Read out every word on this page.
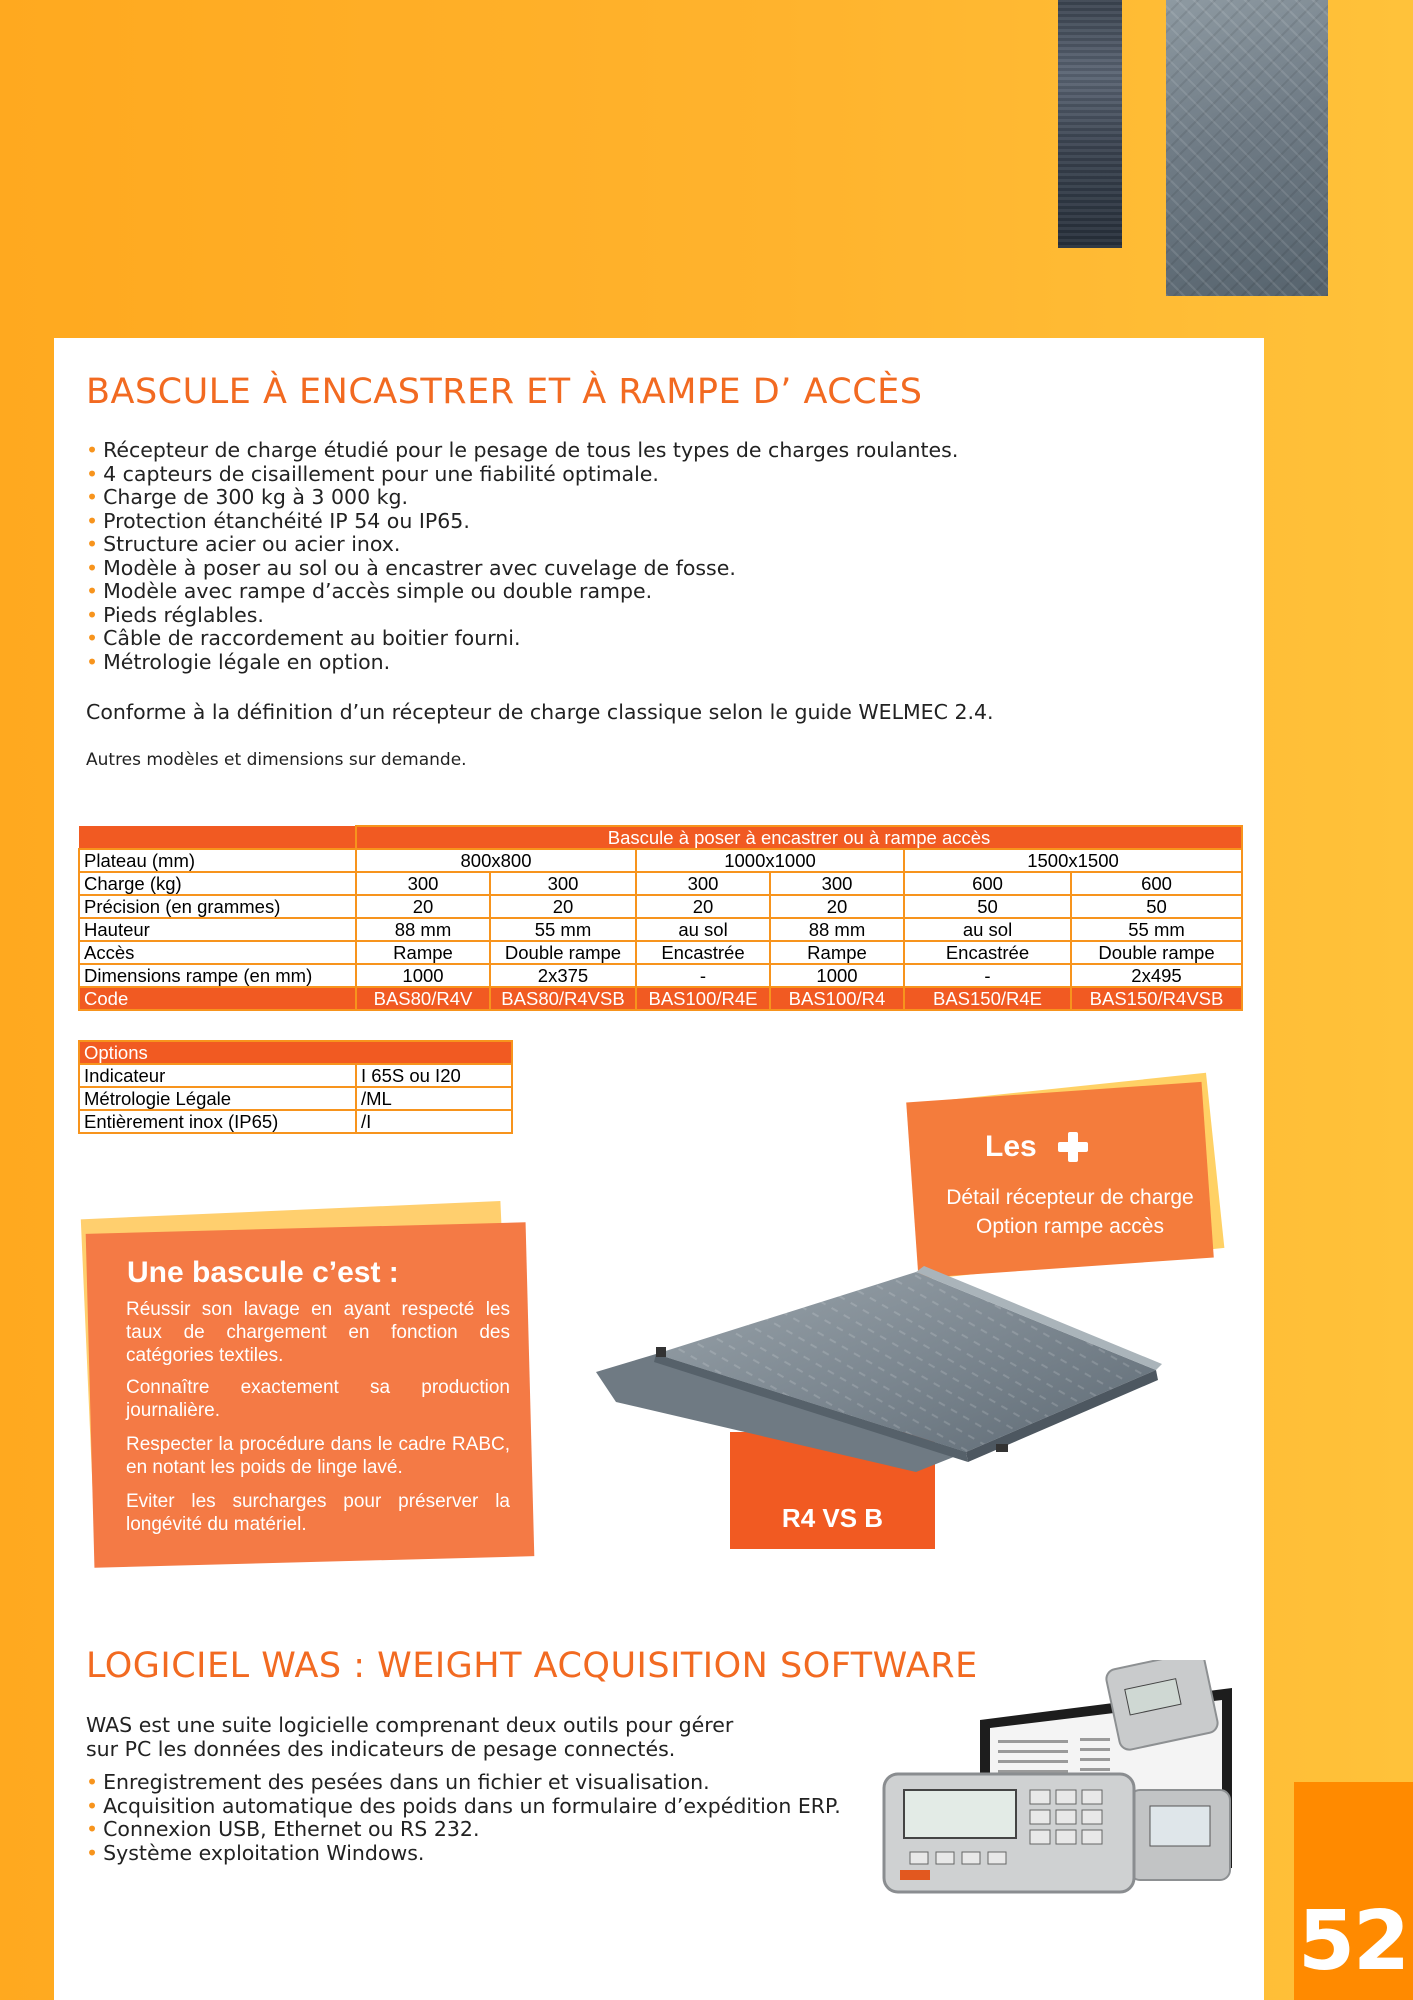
BASCULE À ENCASTRER ET À RAMPE D’ ACCÈS
• Récepteur de charge étudié pour le pesage de tous les types de charges roulantes.
• 4 capteurs de cisaillement pour une fiabilité optimale.
• Charge de 300 kg à 3 000 kg.
• Protection étanchéité IP 54 ou IP65.
• Structure acier ou acier inox.
• Modèle à poser au sol ou à encastrer avec cuvelage de fosse.
• Modèle avec rampe d’accès simple ou double rampe.
• Pieds réglables.
• Câble de raccordement au boitier fourni.
• Métrologie légale en option.

Conforme à la définition d’un récepteur de charge classique selon le guide WELMEC 2.4.

Autres modèles et dimensions sur demande.

	Bascule à poser à encastrer ou à rampe accès					
Plateau (mm)	800x800		1000x1000		1500x1500	
Charge (kg)	300	300	300	300	600	600
Précision (en grammes)	20	20	20	20	50	50
Hauteur	88 mm	55 mm	au sol	88 mm	au sol	55 mm
Accès	Rampe	Double rampe	Encastrée	Rampe	Encastrée	Double rampe
Dimensions rampe (en mm)	1000	2x375	-	1000	-	2x495
Code	BAS80/R4V	BAS80/R4VSB	BAS100/R4E	BAS100/R4	BAS150/R4E	BAS150/R4VSB
Options	
Indicateur	I 65S ou I20
Métrologie Légale	/ML
Entièrement inox (IP65)	/I

Les

Détail récepteur de charge

Option rampe accès

Une bascule c’est :

Réussir son lavage en ayant respecté les taux de chargement en fonction des catégories textiles.

Connaître exactement sa production journalière.

Respecter la procédure dans le cadre RABC, en notant les poids de linge lavé.

Eviter les surcharges pour préserver la longévité du matériel.	R4 VS B

LOGICIEL WAS : WEIGHT ACQUISITION SOFTWARE

WAS est une suite logicielle comprenant deux outils pour gérer

sur PC les données des indicateurs de pesage connectés.

• Enregistrement des pesées dans un fichier et visualisation.
• Acquisition automatique des poids dans un formulaire d’expédition ERP.
• Connexion USB, Ethernet ou RS 232.
• Système exploitation Windows.

52
